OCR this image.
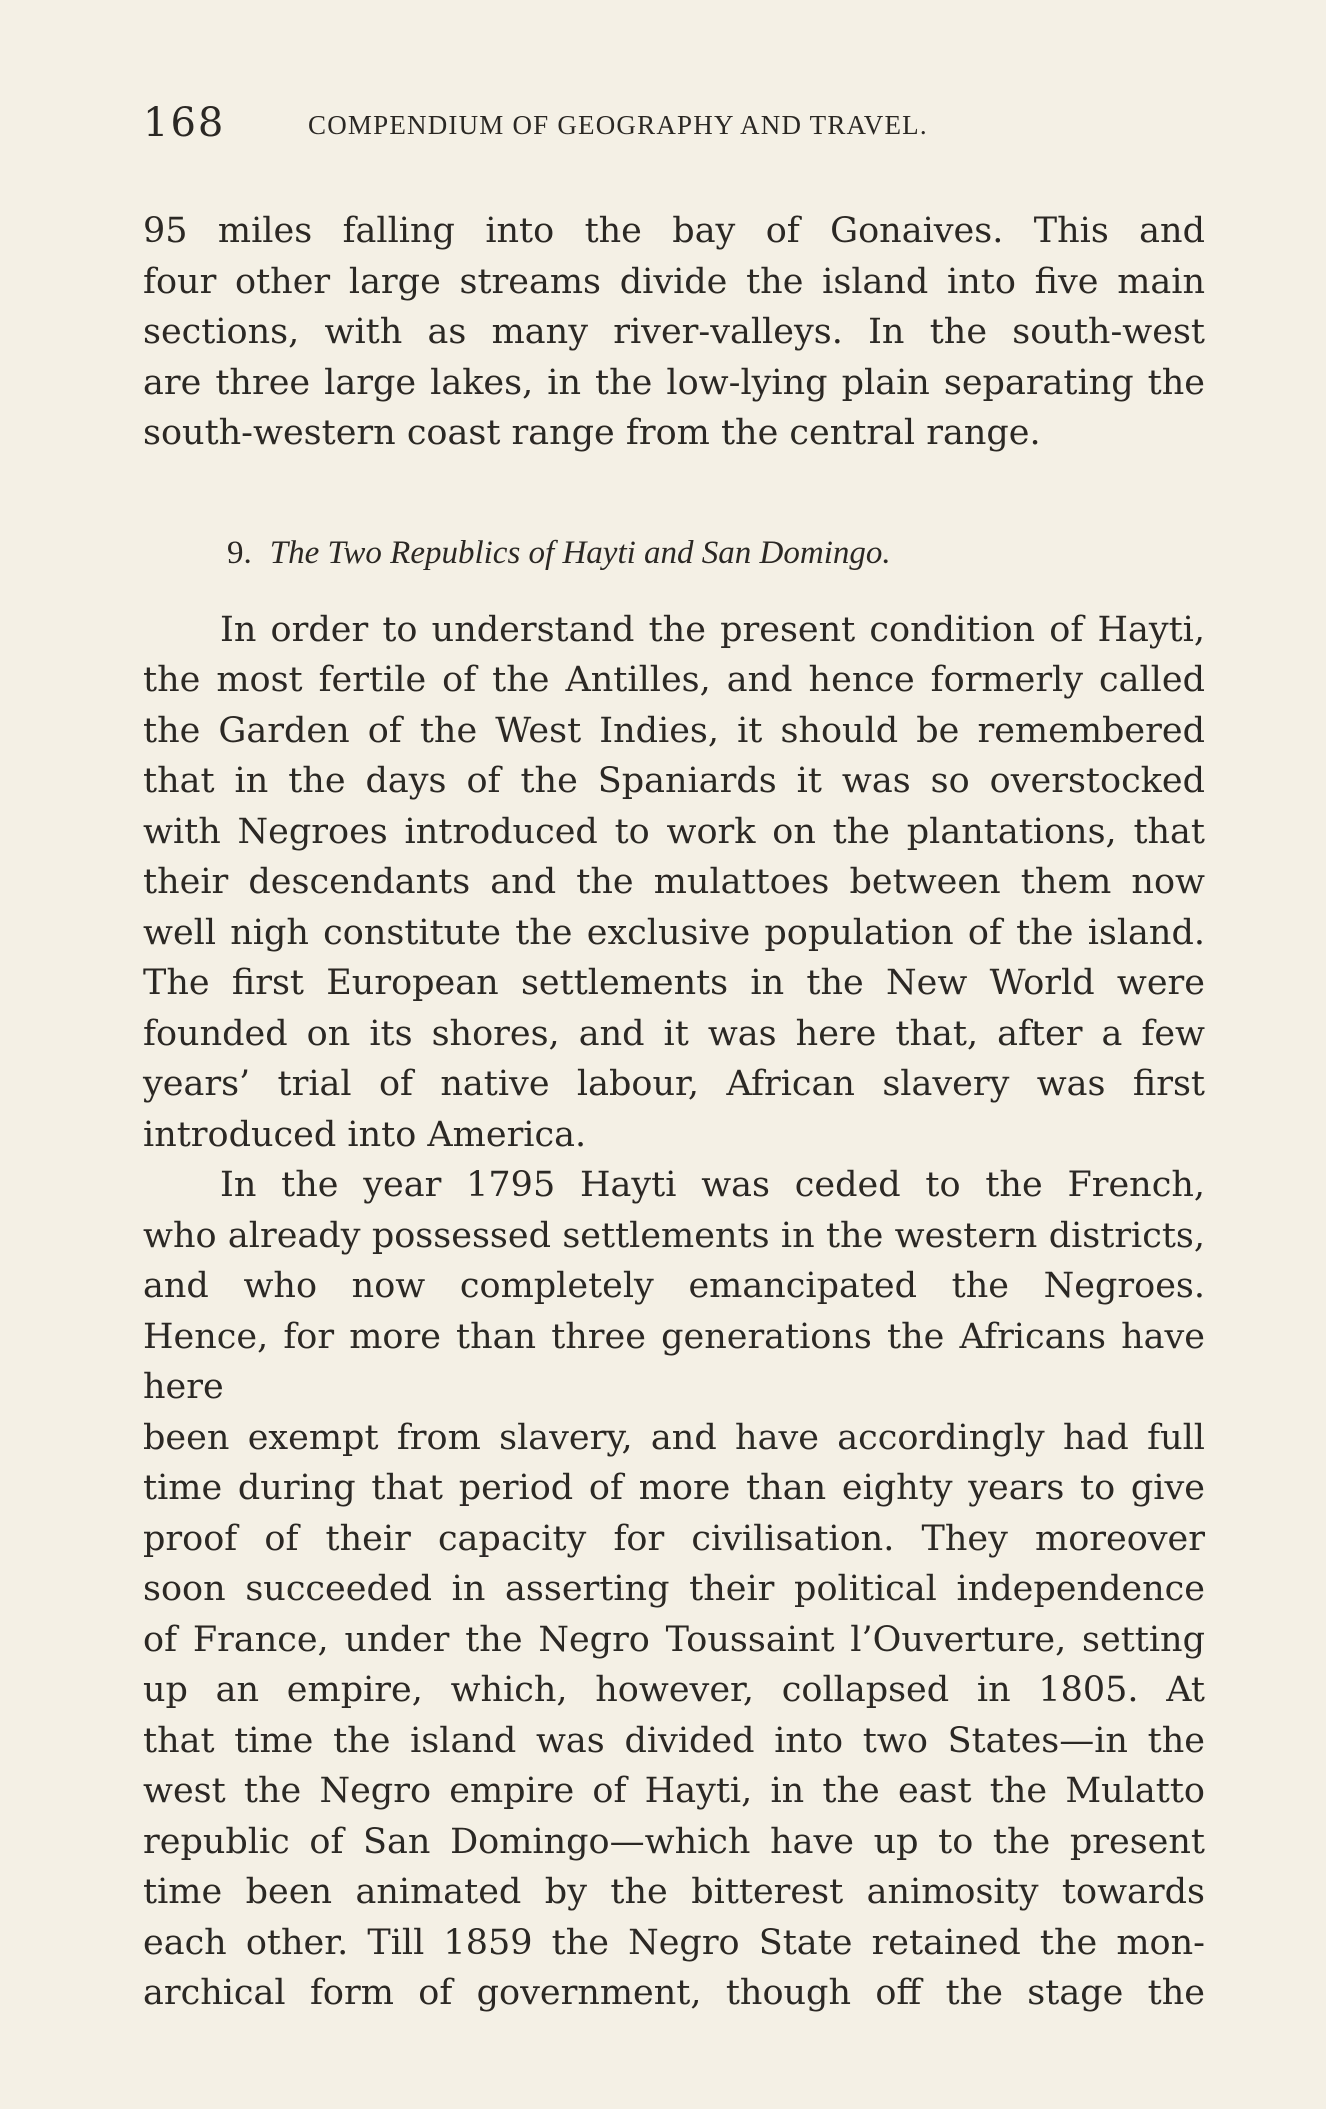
168	COMPENDIUM OF GEOGRAPHY AND TRAVEL.

95 miles falling into the bay of Gonaives. This and
four other large streams divide the island into five main
sections, with as many river-valleys. In the south-west
are three large lakes, in the low-lying plain separating the
south-western coast range from the central range.

9. The Two Republics of Hayti and San Domingo.

In order to understand the present condition of Hayti,
the most fertile of the Antilles, and hence formerly called
the Garden of the West Indies, it should be remembered
that in the days of the Spaniards it was so overstocked
with Negroes introduced to work on the plantations, that
their descendants and the mulattoes between them now
well nigh constitute the exclusive population of the island.
The first European settlements in the New World were
founded on its shores, and it was here that, after a few
years’ trial of native labour, African slavery was first
introduced into America.

In the year 1795 Hayti was ceded to the French,
who already possessed settlements in the western districts,
and who now completely emancipated the Negroes.
Hence, for more than three generations the Africans have here
been exempt from slavery, and have accordingly had full
time during that period of more than eighty years to give
proof of their capacity for civilisation. They moreover
soon succeeded in asserting their political independence
of France, under the Negro Toussaint l’Ouverture, setting
up an empire, which, however, collapsed in 1805. At
that time the island was divided into two States—in the
west the Negro empire of Hayti, in the east the Mulatto
republic of San Domingo—which have up to the present
time been animated by the bitterest animosity towards
each other. Till 1859 the Negro State retained the mon-
archical form of government, though off the stage the
